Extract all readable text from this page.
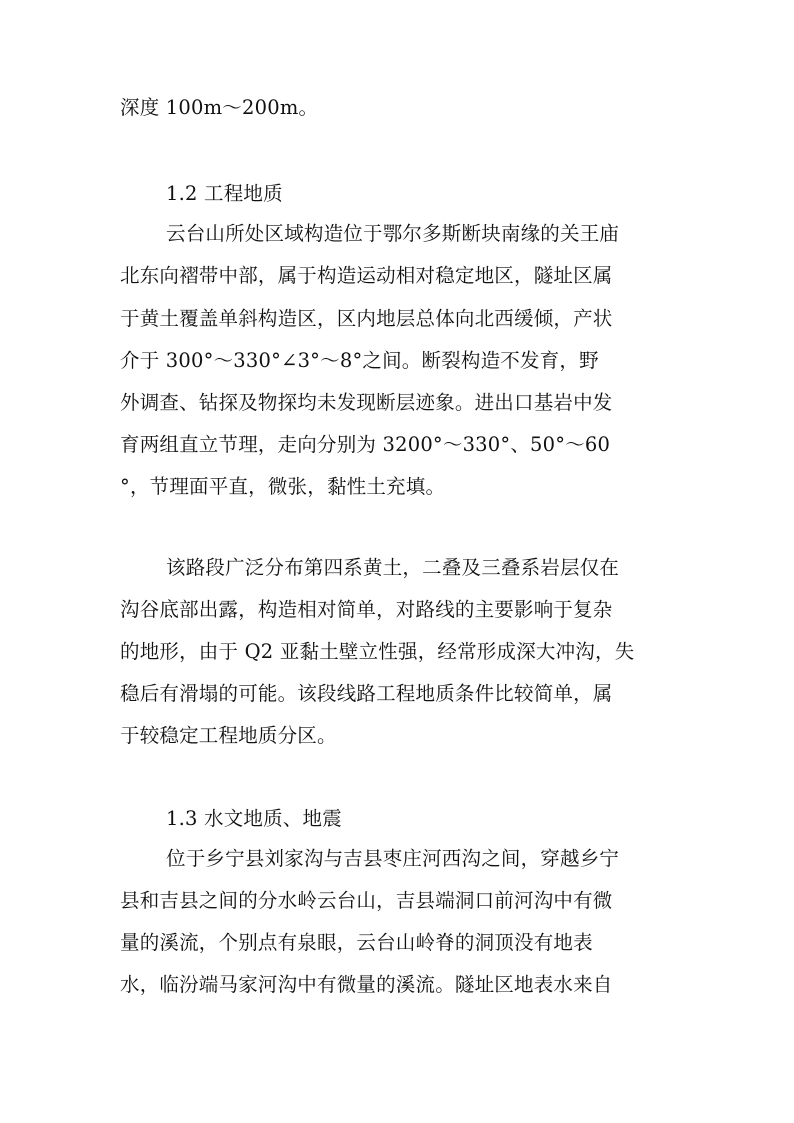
深度 100m～200m。
1.2 工程地质
云台山所处区域构造位于鄂尔多斯断块南缘的关王庙
北东向褶带中部，属于构造运动相对稳定地区，隧址区属
于黄土覆盖单斜构造区，区内地层总体向北西缓倾，产状
介于 300°～330°∠3°～8°之间。断裂构造不发育，野
外调查、钻探及物探均未发现断层迹象。进出口基岩中发
育两组直立节理，走向分别为 3200°～330°、50°～60
°，节理面平直，微张，黏性土充填。
该路段广泛分布第四系黄土，二叠及三叠系岩层仅在
沟谷底部出露，构造相对简单，对路线的主要影响于复杂
的地形，由于 Q2 亚黏土壁立性强，经常形成深大冲沟，失
稳后有滑塌的可能。该段线路工程地质条件比较简单，属
于较稳定工程地质分区。
1.3 水文地质、地震
位于乡宁县刘家沟与吉县枣庄河西沟之间，穿越乡宁
县和吉县之间的分水岭云台山，吉县端洞口前河沟中有微
量的溪流，个别点有泉眼，云台山岭脊的洞顶没有地表
水，临汾端马家河沟中有微量的溪流。隧址区地表水来自
